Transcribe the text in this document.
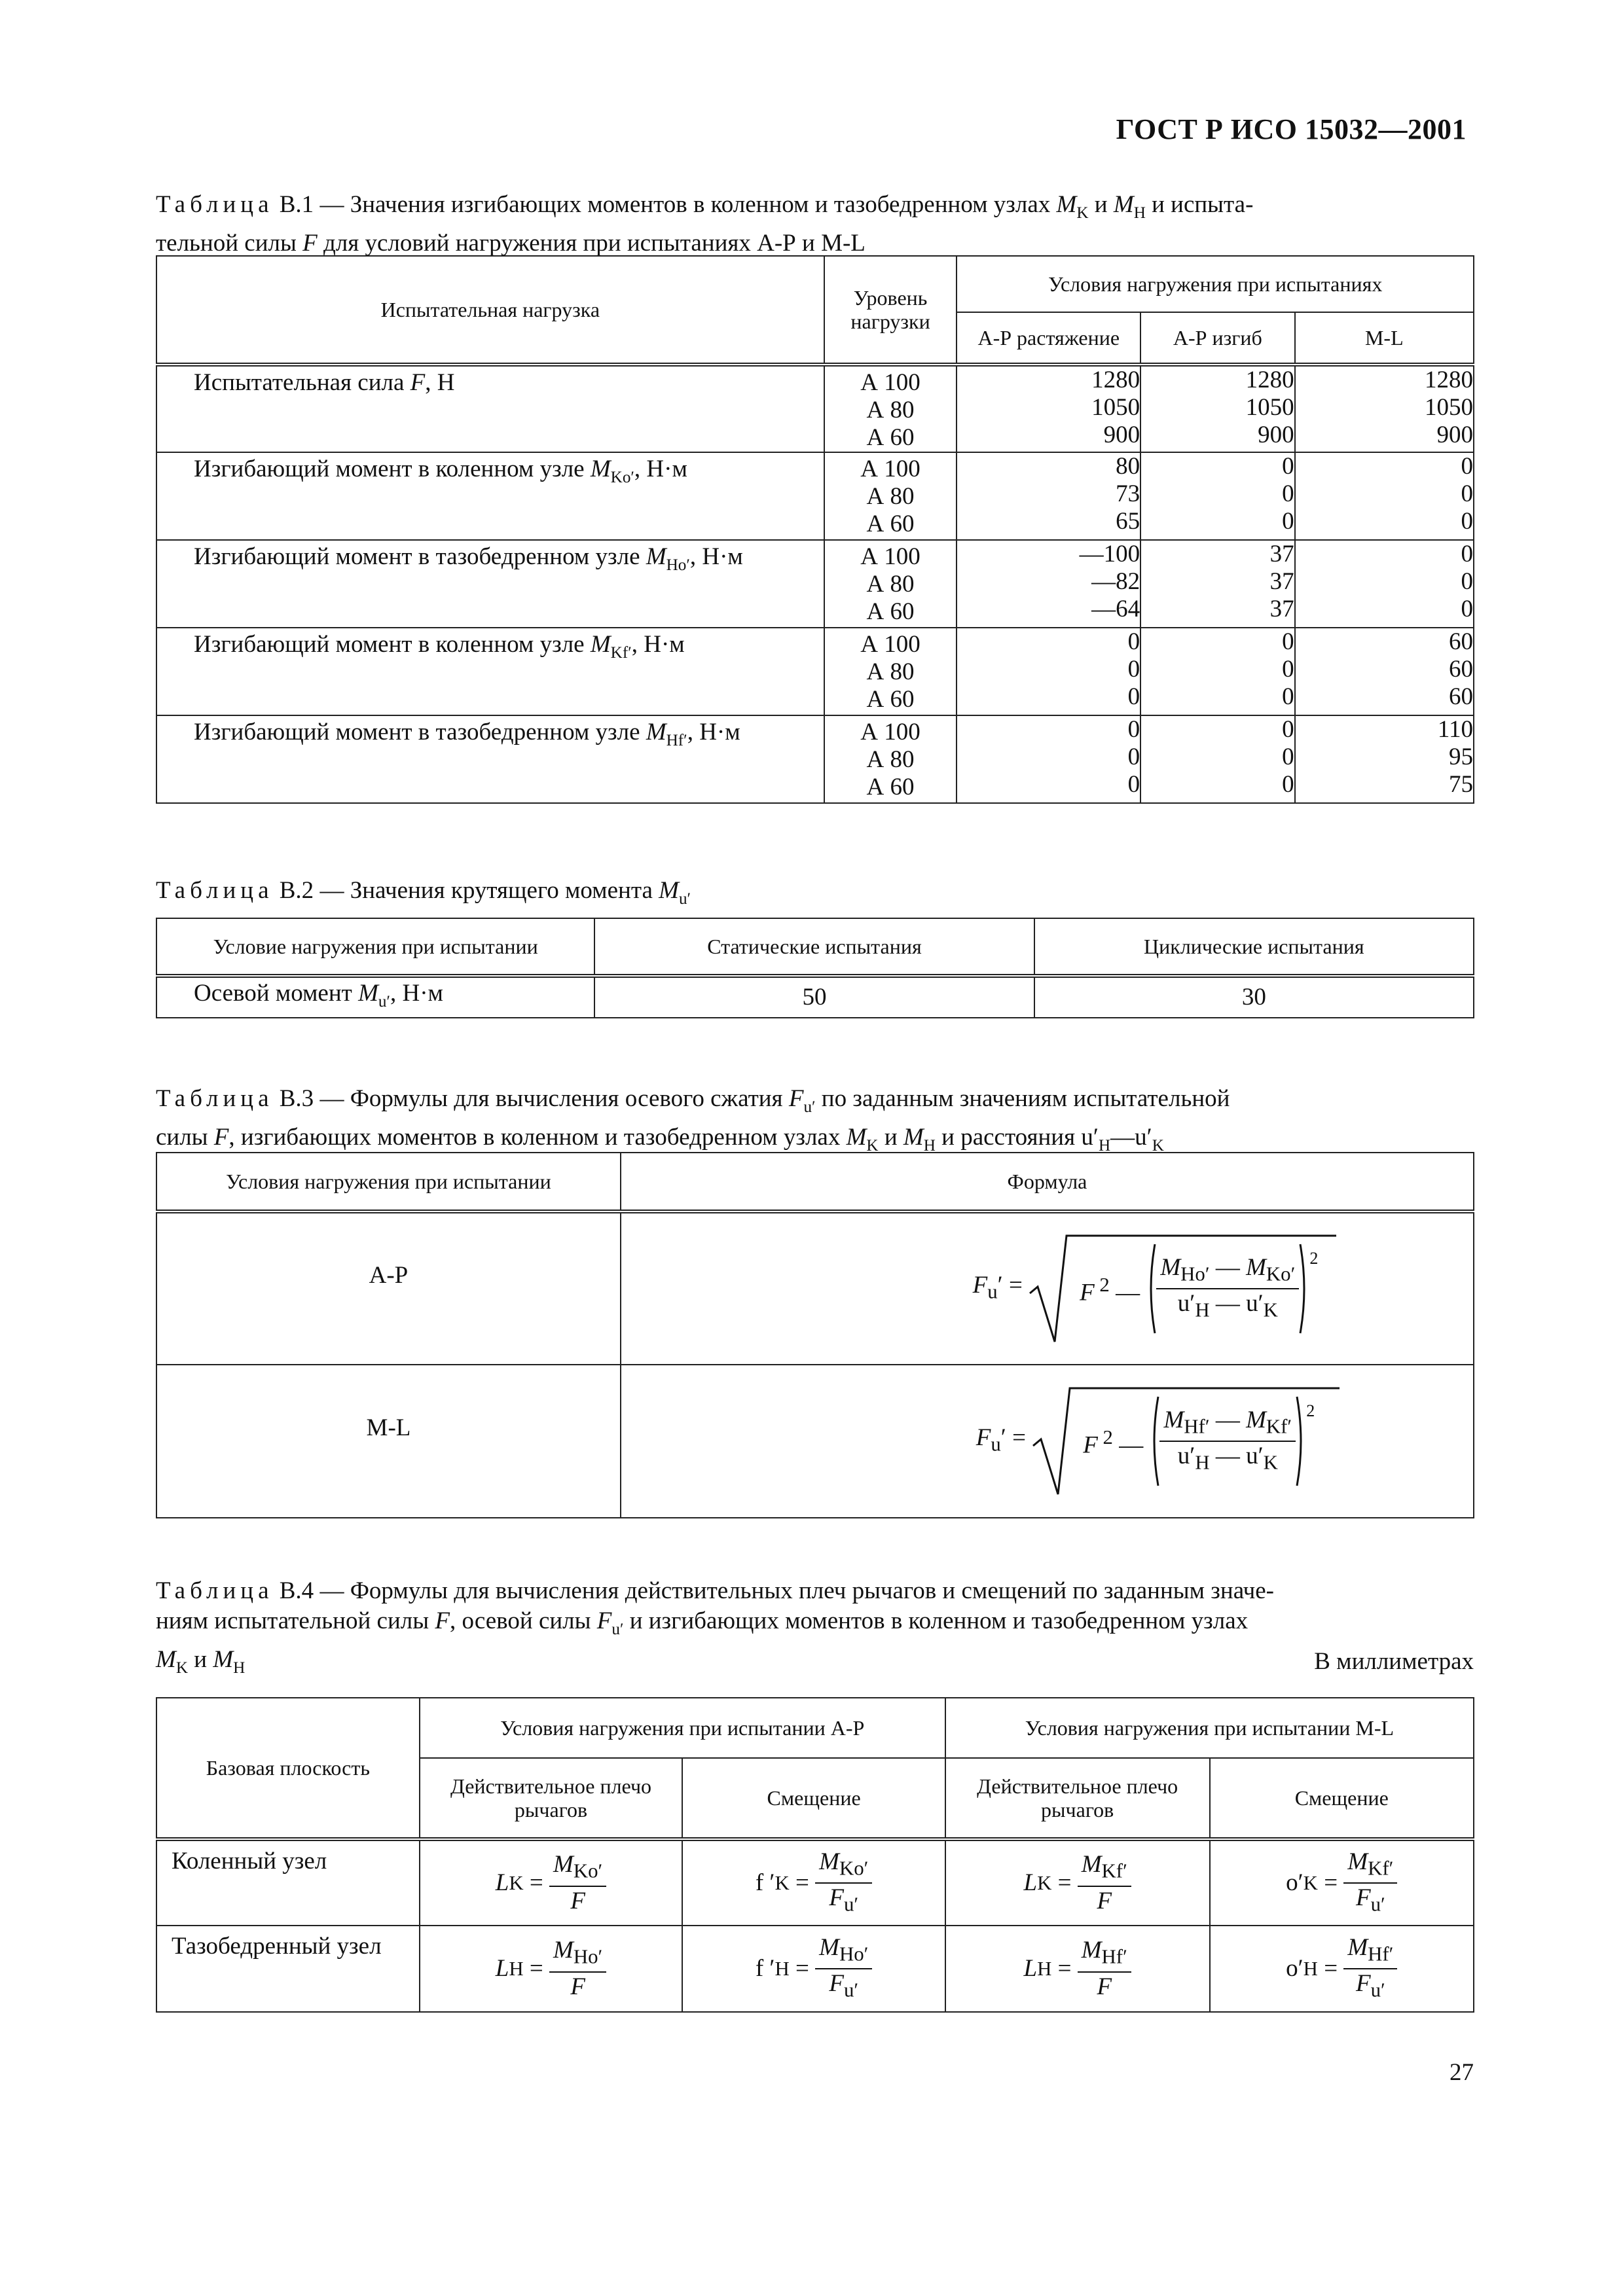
ГОСТ Р ИСО 15032—2001
Таблица В.1 — Значения изгибающих моментов в коленном и тазобедренном узлах $M_K$ и $M_H$ и испыта-
тельной силы F для условий нагружения при испытаниях А-Р и М-L
Испытательная нагрузка	Уровень нагрузки	Условия нагружения при испытаниях		
		А-Р растяжение	А-Р изгиб	М-L
Испытательная сила F, Н	А 100
А 80
А 60	1280
1050
900	1280
1050
900	1280
1050
900

Изгибающий момент в коленном узле $M_{Ko'}$, Н·м	А 100
А 80
А 60	80
73
65	0
0
0	0
0
0

Изгибающий момент в тазобедренном узле $M_{Ho'}$, Н·м	А 100
А 80
А 60	—100
—82
—64	37
37
37	0
0
0

Изгибающий момент в коленном узле $M_{Kf'}$, Н·м	А 100
А 80
А 60	0
0
0	0
0
0	60
60
60

Изгибающий момент в тазобедренном узле $M_{Hf'}$, Н·м	А 100
А 80
А 60	0
0
0	0
0
0	110
95
75
Таблица В.2 — Значения крутящего момента $M_{u'}$
Условие нагружения при испытании	Статические испытания	Циклические испытания
Осевой момент $M_{u'}$, Н·м	50	30
Таблица В.3 — Формулы для вычисления осевого сжатия $F_{u'}$ по заданным значениям испытательной
силы F, изгибающих моментов в коленном и тазобедренном узлах $M_K$ и $M_H$ и расстояния $u'_H—u'_K$
Условия нагружения при испытании	Формула
А-Р	$F_u' = F$ $^2$ — $\frac{M_{Ho'} — M_{Ko'}}{u'_H — u'_K} 2$

М-L	$F_u' = F$ $^2$ — $\frac{M_{Hf'} — M_{Kf'}}{u'_H — u'_K} 2$
Таблица В.4 — Формулы для вычисления действительных плеч рычагов и смещений по заданным значе-
ниям испытательной силы F, осевой силы $F_{u'}$ и изгибающих моментов в коленном и тазобедренном узлах
$M_K$ и $M_H$	В миллиметрах
Базовая плоскость	Условия нагружения при испытании А-Р		Условия нагружения при испытании М-L	
	Действительное плечо рычагов	Смещение	Действительное плечо рычагов	Смещение
Коленный узел	L $K = \frac{M_{Ko'}}{F}$	f ′ $K = \frac{M_{Ko'}}{F_{u'}}$	L $K = \frac{M_{Kf'}}{F}$	o′ $K = \frac{M_{Kf'}}{F_{u'}}$

Тазобедренный узел	L $H = \frac{M_{Ho'}}{F}$	f ′ $H = \frac{M_{Ho'}}{F_{u'}}$	L $H = \frac{M_{Hf'}}{F}$	o′ $H = \frac{M_{Hf'}}{F_{u'}}$
27
